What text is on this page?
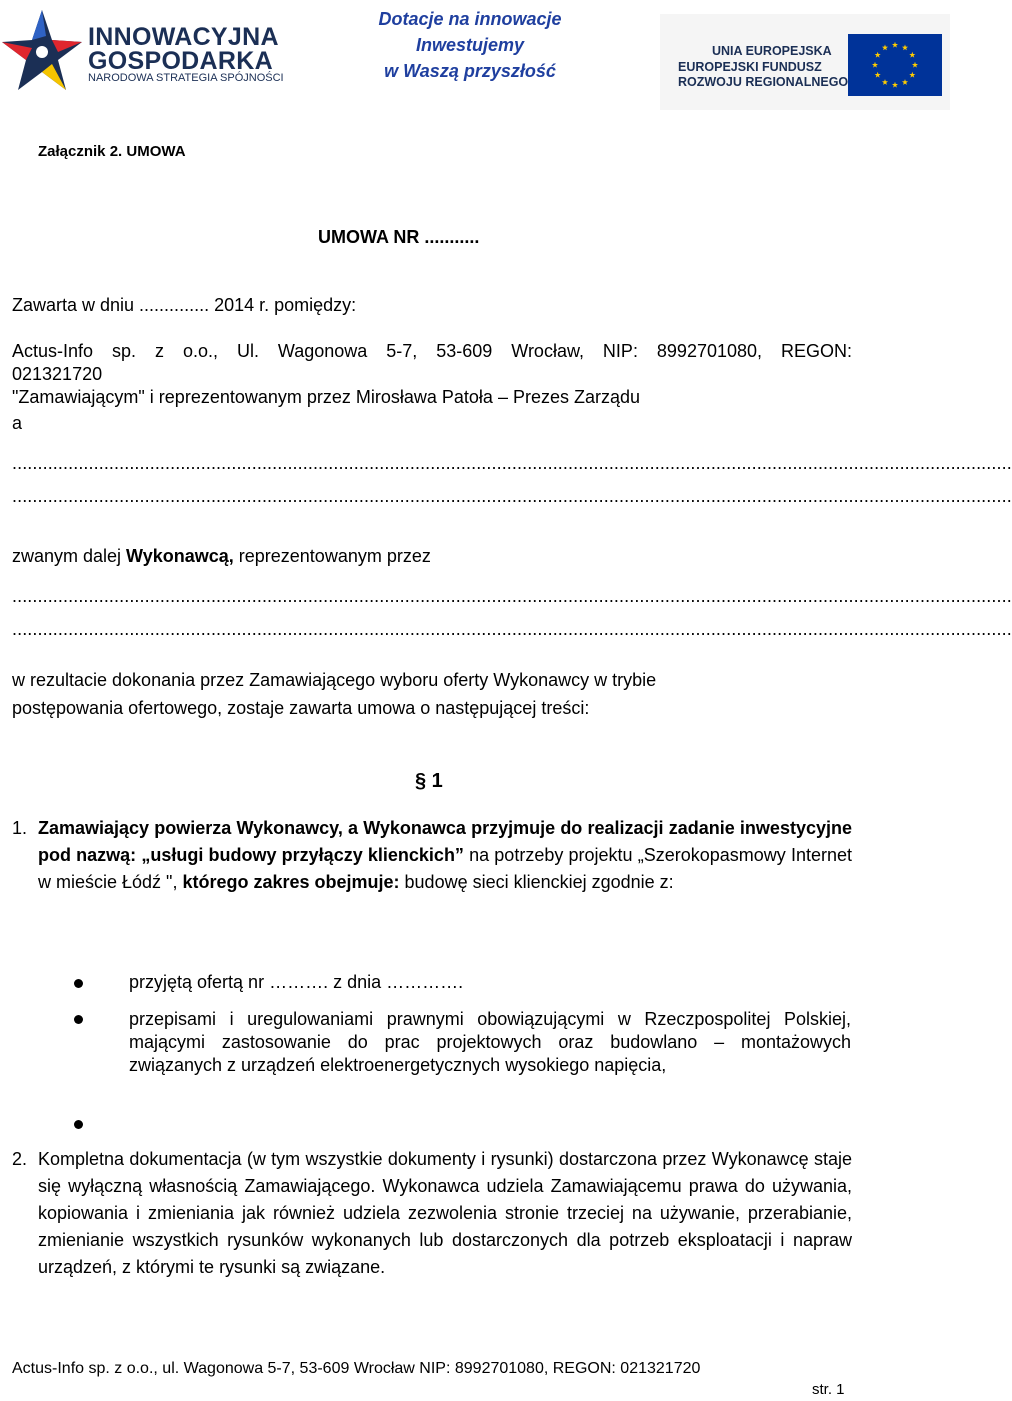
INNOWACYJNA
GOSPODARKA
NARODOWA STRATEGIA SPÓJNOŚCI
Dotacje na innowacje
Inwestujemy
w Waszą przyszłość
UNIA EUROPEJSKA
EUROPEJSKI FUNDUSZ
ROZWOJU REGIONALNEGO
Załącznik 2. UMOWA
UMOWA NR ...........
Zawarta w dniu .............. 2014 r. pomiędzy:
Actus-Info sp. z o.o., Ul. Wagonowa 5-7, 53-609 Wrocław, NIP: 8992701080, REGON:
021321720
"Zamawiającym" i reprezentowanym przez Mirosława Patoła – Prezes Zarządu
a
....................................................................................................................................................................................................
....................................................................................................................................................................................................
zwanym dalej Wykonawcą, reprezentowanym przez
....................................................................................................................................................................................................
....................................................................................................................................................................................................
w rezultacie dokonania przez Zamawiającego wyboru oferty Wykonawcy w trybie
postępowania ofertowego, zostaje zawarta umowa o następującej treści:
§ 1
1. Zamawiający powierza Wykonawcy, a Wykonawca przyjmuje do realizacji zadanie inwestycyjne pod nazwą: „usługi budowy przyłączy klienckich” na potrzeby projektu „Szerokopasmowy Internet w mieście Łódź ", którego zakres obejmuje: budowę sieci klienckiej zgodnie z:
przyjętą ofertą nr ………. z dnia ………….
przepisami i uregulowaniami prawnymi obowiązującymi w Rzeczpospolitej Polskiej, mającymi zastosowanie do prac projektowych oraz budowlano – montażowych związanych z urządzeń elektroenergetycznych wysokiego napięcia,
2. Kompletna dokumentacja (w tym wszystkie dokumenty i rysunki) dostarczona przez Wykonawcę staje się wyłączną własnością Zamawiającego. Wykonawca udziela Zamawiającemu prawa do używania, kopiowania i zmieniania jak również udziela zezwolenia stronie trzeciej na używanie, przerabianie, zmienianie wszystkich rysunków wykonanych lub dostarczonych dla potrzeb eksploatacji i napraw urządzeń, z którymi te rysunki są związane.
Actus-Info sp. z o.o., ul. Wagonowa 5-7, 53-609 Wrocław NIP: 8992701080, REGON: 021321720
str. 1
